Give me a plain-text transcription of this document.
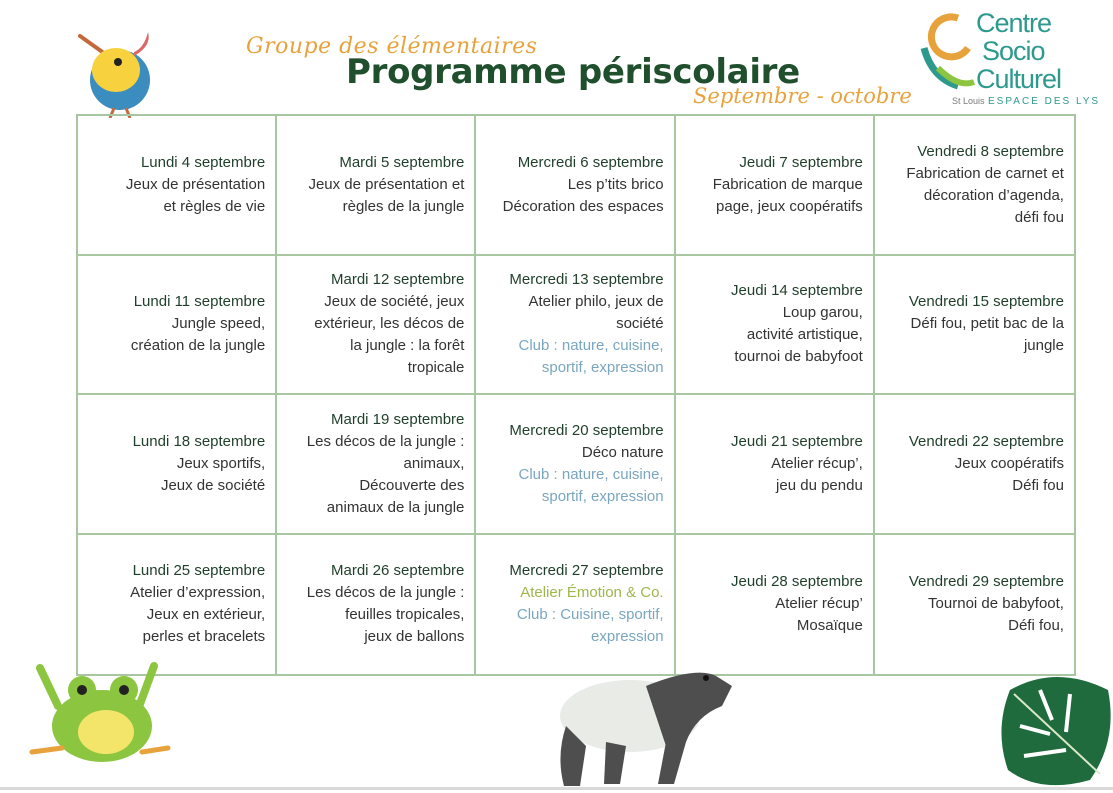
Groupe des élémentaires
Programme périscolaire
Septembre - octobre
Centre
Socio
Culturel
St Louis ESPACE DES LYS
Lundi 4 septembre
Jeux de présentation
et règles de vie
Mardi 5 septembre
Jeux de présentation et
règles de la jungle
Mercredi 6 septembre
Les p’tits brico
Décoration des espaces
Jeudi 7 septembre
Fabrication de marque
page, jeux coopératifs
Vendredi 8 septembre
Fabrication de carnet et
décoration d’agenda,
défi fou
Lundi 11 septembre
Jungle speed,
création de la jungle
Mardi 12 septembre
Jeux de société, jeux
extérieur, les décos de
la jungle : la forêt
tropicale
Mercredi 13 septembre
Atelier philo, jeux de
société
Club : nature, cuisine,
sportif, expression
Jeudi 14 septembre
Loup garou,
activité artistique,
tournoi de babyfoot
Vendredi 15 septembre
Défi fou, petit bac de la
jungle
Lundi 18 septembre
Jeux sportifs,
Jeux de société
Mardi 19 septembre
Les décos de la jungle :
animaux,
Découverte des
animaux de la jungle
Mercredi 20 septembre
Déco nature
Club : nature, cuisine,
sportif, expression
Jeudi 21 septembre
Atelier récup’,
jeu du pendu
Vendredi 22 septembre
Jeux coopératifs
Défi fou
Lundi 25 septembre
Atelier d’expression,
Jeux en extérieur,
perles et bracelets
Mardi 26 septembre
Les décos de la jungle :
feuilles tropicales,
jeux de ballons
Mercredi 27 septembre
Atelier Émotion & Co.
Club : Cuisine, sportif,
expression
Jeudi 28 septembre
Atelier récup’
Mosaïque
Vendredi 29 septembre
Tournoi de babyfoot,
Défi fou,
